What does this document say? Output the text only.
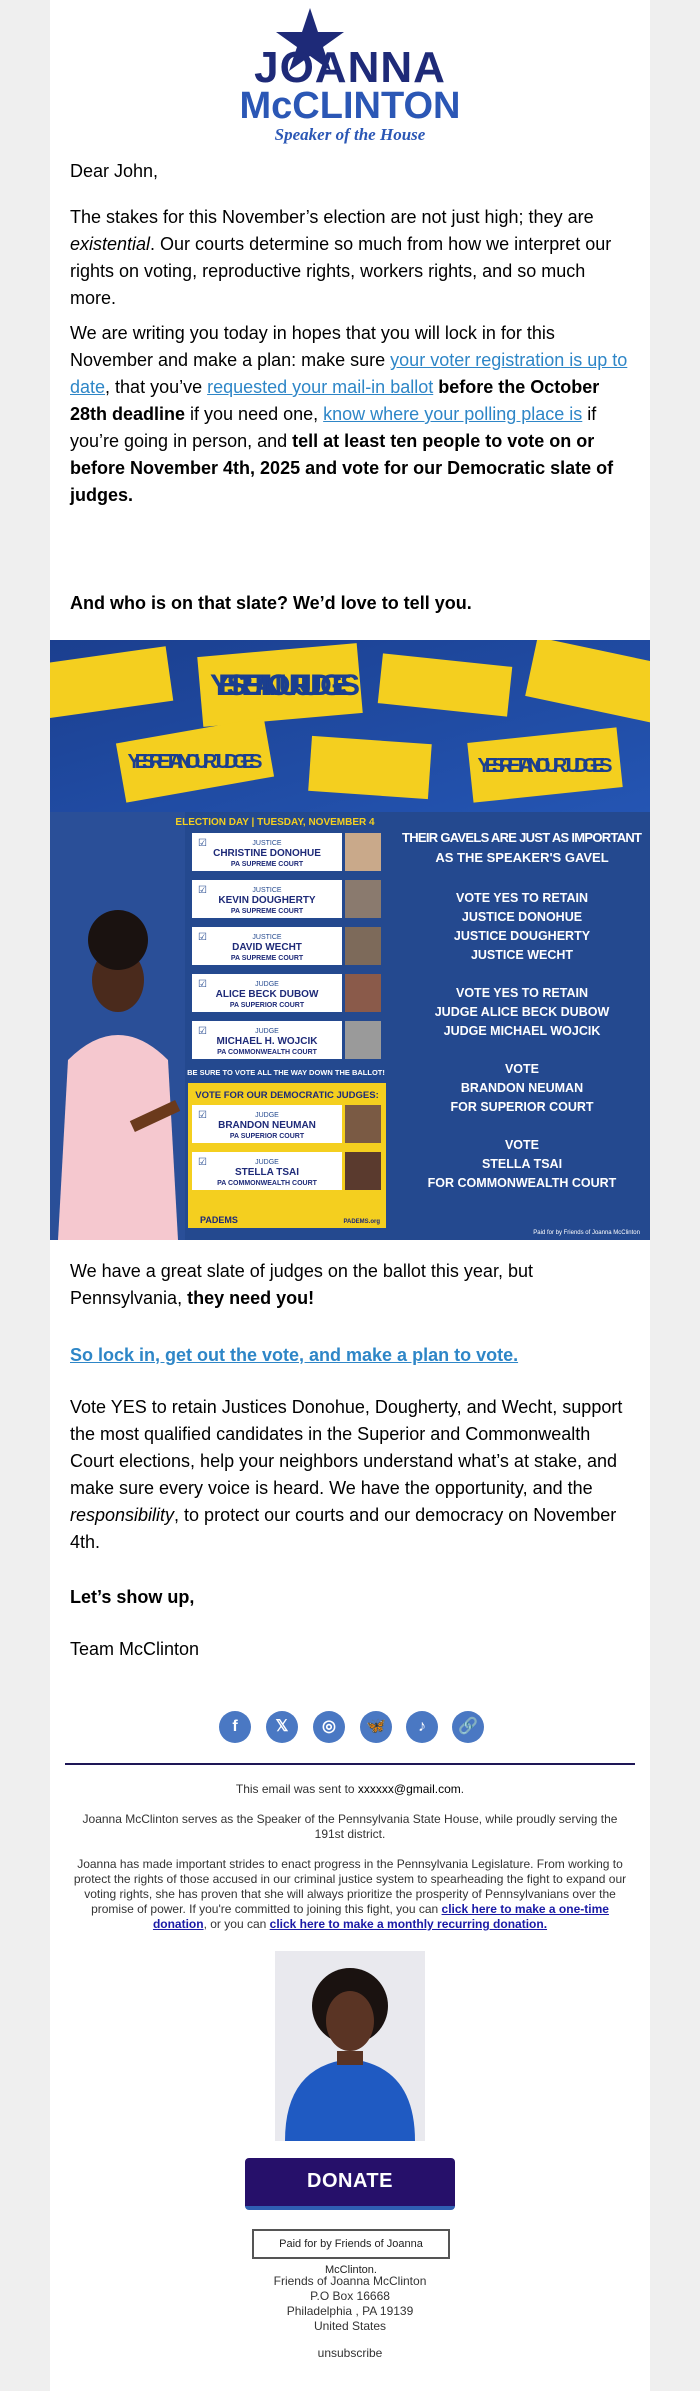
JOANNA
McCLINTON
Speaker of the House

Dear John,

The stakes for this November’s election are not just high; they are existential. Our courts determine so much from how we interpret our rights on voting, reproductive rights, workers rights, and so much more.

We are writing you today in hopes that you will lock in for this November and make a plan: make sure your voter registration is up to date, that you’ve requested your mail-in ballot before the October 28th deadline if you need one, know where your polling place is if you’re going in person, and tell at least ten people to vote on or before November 4th, 2025 and vote for our Democratic slate of judges.

And who is on that slate? We’d love to tell you.

YES RETAIN OUR JUDGES
YES RETAIN OUR JUDGES	YES RETAIN OUR JUDGES
ELECTION DAY | TUESDAY, NOVEMBER 4
☑	JUSTICE
CHRISTINE DONOHUE
PA SUPREME COURT
☑	JUSTICE
KEVIN DOUGHERTY
PA SUPREME COURT
☑	JUSTICE
DAVID WECHT
PA SUPREME COURT
☑	JUDGE
ALICE BECK DUBOW
PA SUPERIOR COURT
☑	JUDGE
MICHAEL H. WOJCIK
PA COMMONWEALTH COURT
BE SURE TO VOTE ALL THE WAY DOWN THE BALLOT!
VOTE FOR OUR DEMOCRATIC JUDGES:
☑	JUDGE
BRANDON NEUMAN
PA SUPERIOR COURT
☑	JUDGE
STELLA TSAI
PA COMMONWEALTH COURT
PADEMS	PADEMS.org
THEIR GAVELS ARE JUST AS IMPORTANT
AS THE SPEAKER'S GAVEL
VOTE YES TO RETAIN
JUSTICE DONOHUE
JUSTICE DOUGHERTY
JUSTICE WECHT
VOTE YES TO RETAIN
JUDGE ALICE BECK DUBOW
JUDGE MICHAEL WOJCIK
VOTE
BRANDON NEUMAN
FOR SUPERIOR COURT
VOTE
STELLA TSAI
FOR COMMONWEALTH COURT
Paid for by Friends of Joanna McClinton

We have a great slate of judges on the ballot this year, but Pennsylvania, they need you!

So lock in, get out the vote, and make a plan to vote.

Vote YES to retain Justices Donohue, Dougherty, and Wecht, support the most qualified candidates in the Superior and Commonwealth Court elections, help your neighbors understand what’s at stake, and make sure every voice is heard. We have the opportunity, and the responsibility, to protect our courts and our democracy on November 4th.

Let’s show up,

Team McClinton

f	𝕏	◎	🦋	♪	🔗
This email was sent to xxxxxx@gmail.com.
Joanna McClinton serves as the Speaker of the Pennsylvania State House, while proudly serving the 191st district.
Joanna has made important strides to enact progress in the Pennsylvania Legislature. From working to protect the rights of those accused in our criminal justice system to spearheading the fight to expand our voting rights, she has proven that she will always prioritize the prosperity of Pennsylvanians over the promise of power. If you're committed to joining this fight, you can click here to make a one-time donation, or you can click here to make a monthly recurring donation.
DONATE
Paid for by Friends of Joanna McClinton.
Friends of Joanna McClinton
P.O Box 16668
Philadelphia , PA 19139
United States
unsubscribe
